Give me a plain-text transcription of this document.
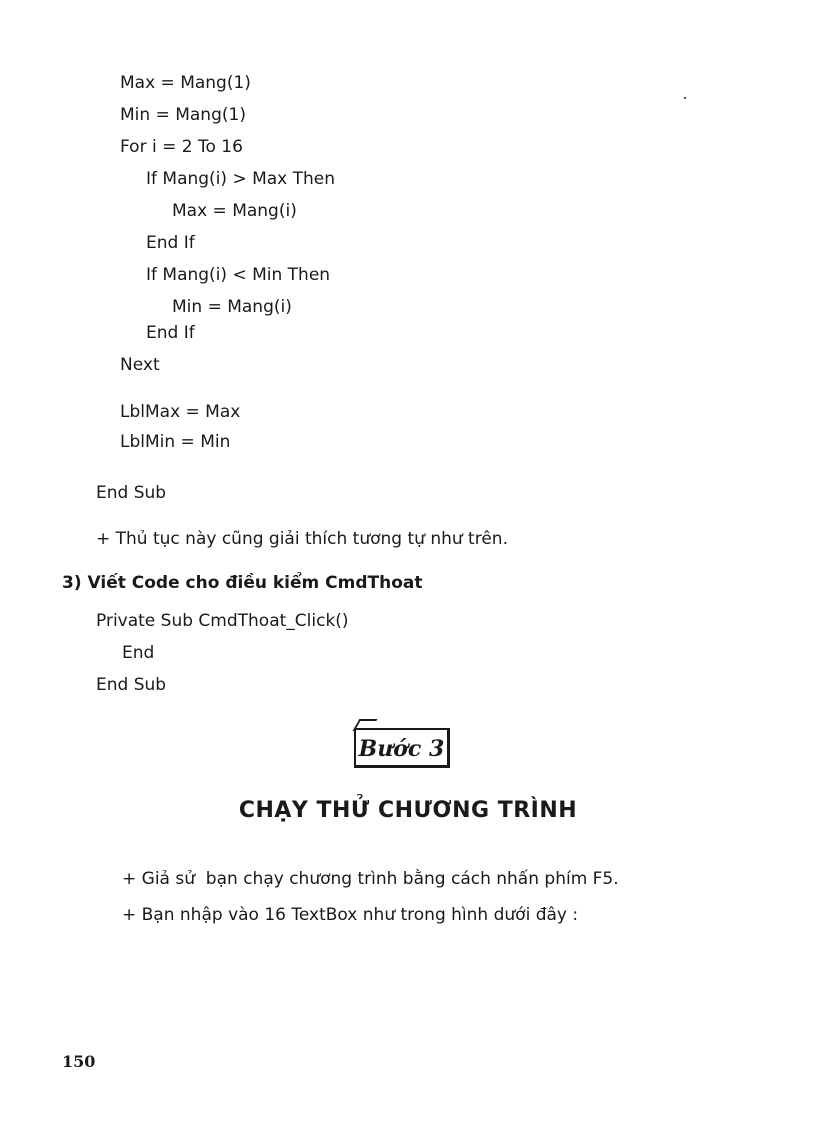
Max = Mang(1)
Min = Mang(1)
For i = 2 To 16
If Mang(i) > Max Then
Max = Mang(i)
End If
If Mang(i) < Min Then
Min = Mang(i)
End If
Next
LblMax = Max
LblMin = Min
End Sub
+ Thủ tục này cũng giải thích tương tự như trên.
3) Viết Code cho điều kiểm CmdThoat
Private Sub CmdThoat_Click()
End
End Sub
Bước 3
CHẠY THỬ CHƯƠNG TRÌNH
+ Giả sử  bạn chạy chương trình bằng cách nhấn phím F5.
+ Bạn nhập vào 16 TextBox như trong hình dưới đây :
150
